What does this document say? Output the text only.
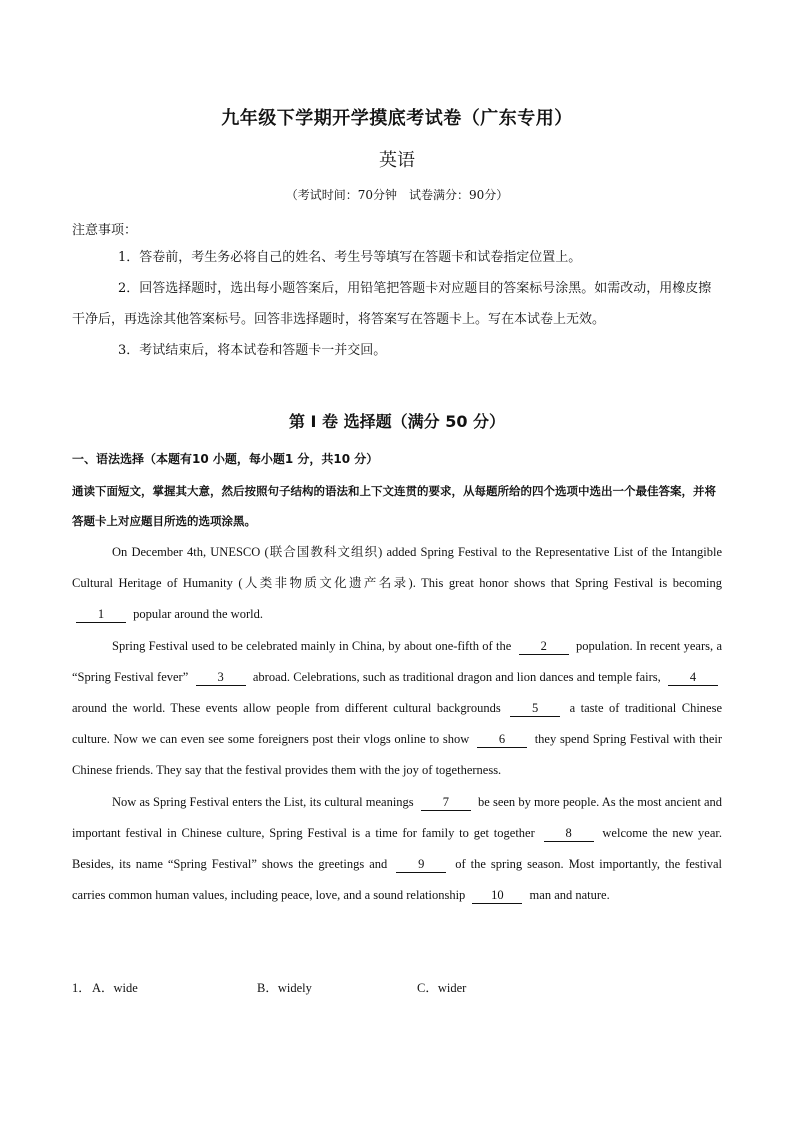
九年级下学期开学摸底考试卷（广东专用）
英语
（考试时间：70分钟　试卷满分：90分）
注意事项：
1．答卷前，考生务必将自己的姓名、考生号等填写在答题卡和试卷指定位置上。
2．回答选择题时，选出每小题答案后，用铅笔把答题卡对应题目的答案标号涂黑。如需改动，用橡皮擦干净后，再选涂其他答案标号。回答非选择题时，将答案写在答题卡上。写在本试卷上无效。
3．考试结束后，将本试卷和答题卡一并交回。
第 I 卷 选择题（满分 50 分）
一、语法选择（本题有10 小题，每小题1 分，共10 分）
通读下面短文，掌握其大意，然后按照句子结构的语法和上下文连贯的要求，从每题所给的四个选项中选出一个最佳答案，并将答题卡上对应题目所选的选项涂黑。

On December 4th, UNESCO (联合国教科文组织) added Spring Festival to the Representative List of the Intangible Cultural Heritage of Humanity (人类非物质文化遗产名录). This great honor shows that Spring Festival is becoming 1 popular around the world.

Spring Festival used to be celebrated mainly in China, by about one-fifth of the 2 population. In recent years, a “Spring Festival fever” 3 abroad. Celebrations, such as traditional dragon and lion dances and temple fairs, 4 around the world. These events allow people from different cultural backgrounds	5	a taste of traditional Chinese culture. Now we can even see some foreigners post their vlogs online to show 6 they spend Spring Festival with their Chinese friends. They say that the festival provides them with the joy of togetherness.

Now as Spring Festival enters the List, its cultural meanings 7 be seen by more people. As the most ancient and important festival in Chinese culture, Spring Festival is a time for family to get together 8 welcome the new year. Besides, its name “Spring Festival” shows the greetings and 9 of the spring season. Most importantly, the festival carries common human values, including peace, love, and a sound relationship 10 man and nature.

1． A．wide	B．widely	C．wider
